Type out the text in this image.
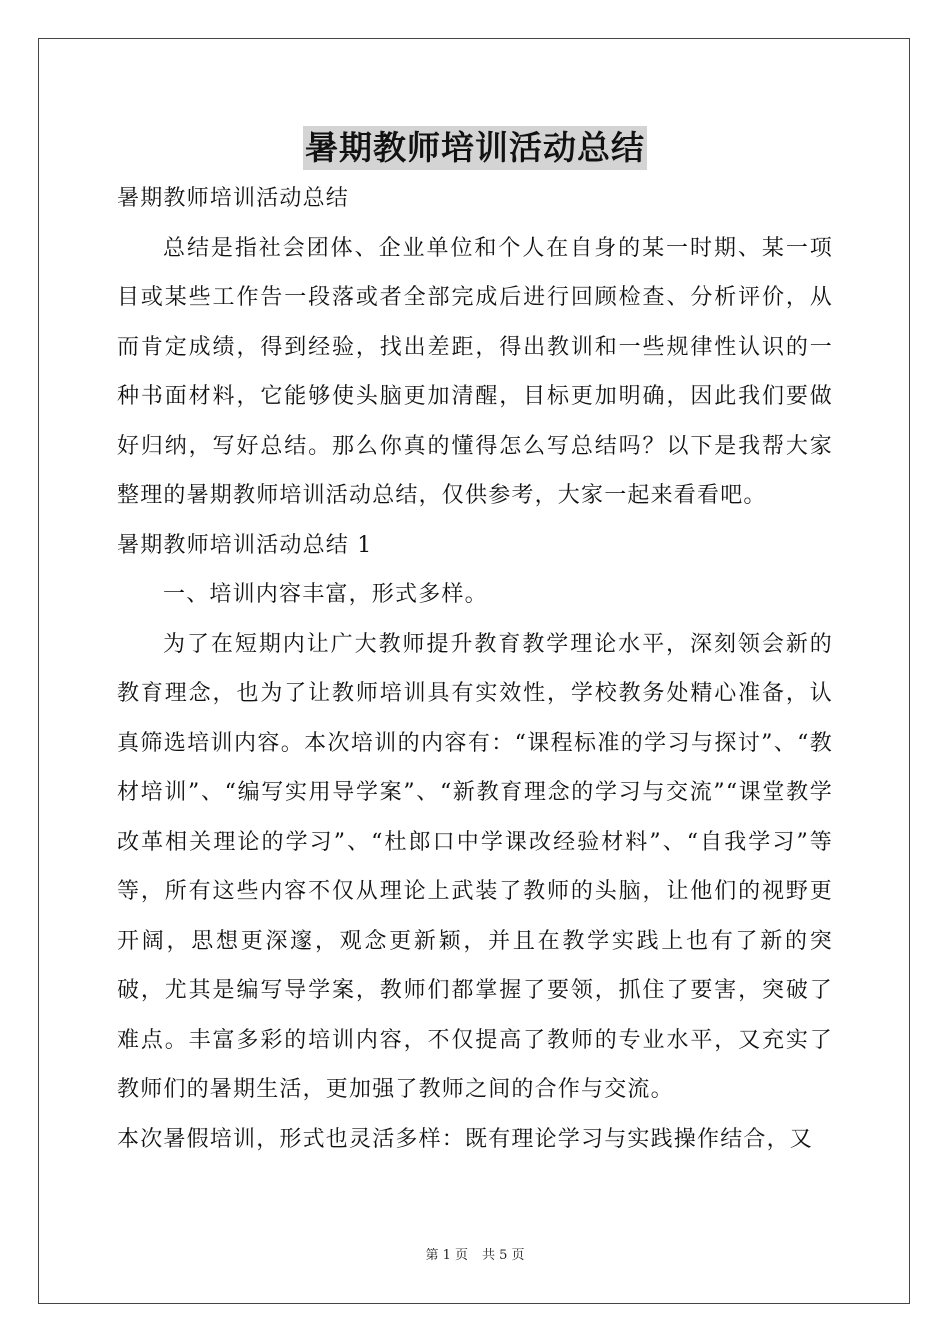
暑期教师培训活动总结

暑期教师培训活动总结

总结是指社会团体、企业单位和个人在自身的某一时期、某一项目或某些工作告一段落或者全部完成后进行回顾检查、分析评价，从而肯定成绩，得到经验，找出差距，得出教训和一些规律性认识的一种书面材料，它能够使头脑更加清醒，目标更加明确，因此我们要做好归纳，写好总结。那么你真的懂得怎么写总结吗？以下是我帮大家整理的暑期教师培训活动总结，仅供参考，大家一起来看看吧。

暑期教师培训活动总结 1

一、培训内容丰富，形式多样。

为了在短期内让广大教师提升教育教学理论水平，深刻领会新的教育理念，也为了让教师培训具有实效性，学校教务处精心准备，认真筛选培训内容。本次培训的内容有：“课程标准的学习与探讨”、“教材培训”、“编写实用导学案”、“新教育理念的学习与交流”“课堂教学改革相关理论的学习”、“杜郎口中学课改经验材料”、“自我学习”等等，所有这些内容不仅从理论上武装了教师的头脑，让他们的视野更开阔，思想更深邃，观念更新颖，并且在教学实践上也有了新的突破，尤其是编写导学案，教师们都掌握了要领，抓住了要害，突破了难点。丰富多彩的培训内容，不仅提高了教师的专业水平，又充实了教师们的暑期生活，更加强了教师之间的合作与交流。

本次暑假培训，形式也灵活多样：既有理论学习与实践操作结合，又

第 1 页 共 5 页
